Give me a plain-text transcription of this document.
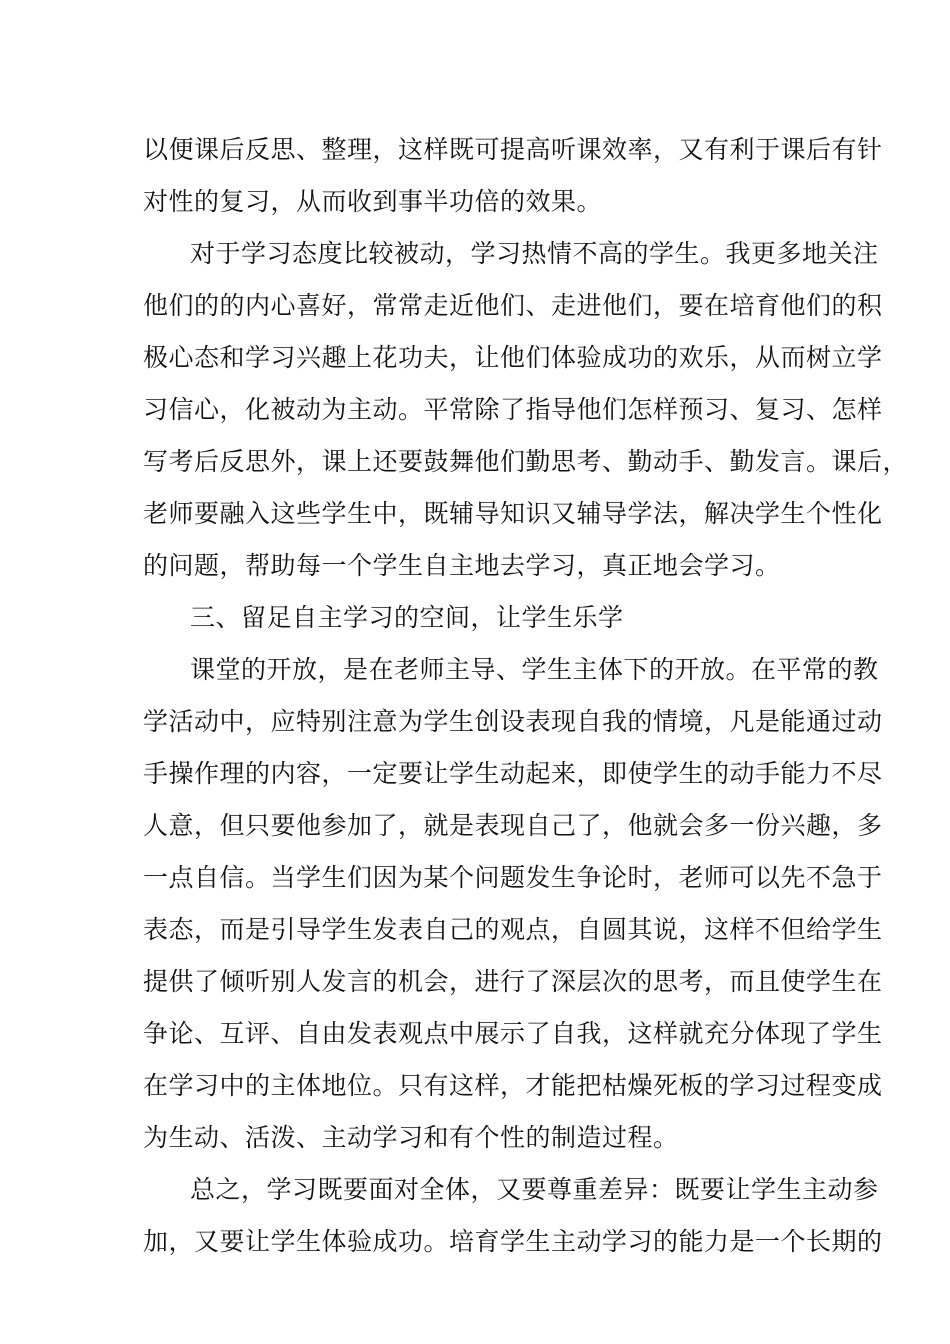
以便课后反思、整理，这样既可提高听课效率，又有利于课后有针
对性的复习，从而收到事半功倍的效果。
对于学习态度比较被动，学习热情不高的学生。我更多地关注
他们的的内心喜好，常常走近他们、走进他们，要在培育他们的积
极心态和学习兴趣上花功夫，让他们体验成功的欢乐，从而树立学
习信心，化被动为主动。平常除了指导他们怎样预习、复习、怎样
写考后反思外，课上还要鼓舞他们勤思考、勤动手、勤发言。课后，
老师要融入这些学生中，既辅导知识又辅导学法，解决学生个性化
的问题，帮助每一个学生自主地去学习，真正地会学习。
三、留足自主学习的空间，让学生乐学
课堂的开放，是在老师主导、学生主体下的开放。在平常的教
学活动中，应特别注意为学生创设表现自我的情境，凡是能通过动
手操作理的内容，一定要让学生动起来，即使学生的动手能力不尽
人意，但只要他参加了，就是表现自己了，他就会多一份兴趣，多
一点自信。当学生们因为某个问题发生争论时，老师可以先不急于
表态，而是引导学生发表自己的观点，自圆其说，这样不但给学生
提供了倾听别人发言的机会，进行了深层次的思考，而且使学生在
争论、互评、自由发表观点中展示了自我，这样就充分体现了学生
在学习中的主体地位。只有这样，才能把枯燥死板的学习过程变成
为生动、活泼、主动学习和有个性的制造过程。
总之，学习既要面对全体，又要尊重差异：既要让学生主动参
加，又要让学生体验成功。培育学生主动学习的能力是一个长期的
